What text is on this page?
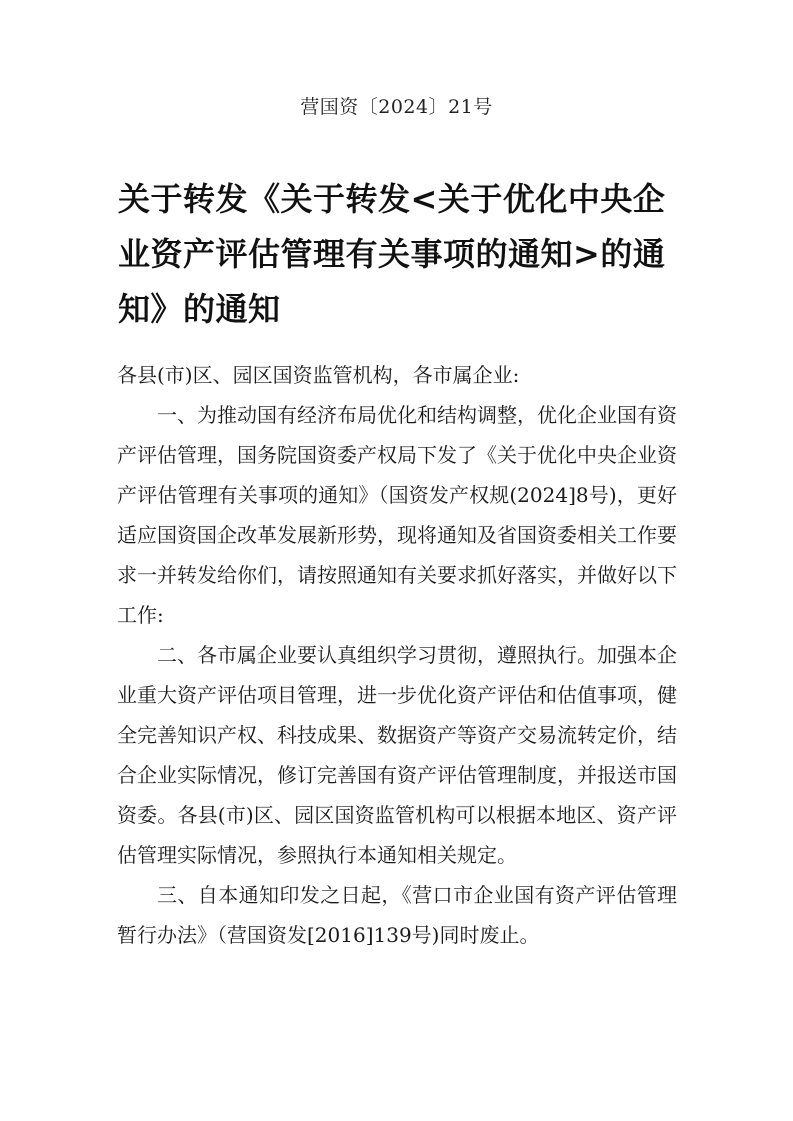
营国资〔2024〕21号
关于转发《关于转发<关于优化中央企业资产评估管理有关事项的通知>的通知》的通知

各县(市)区、园区国资监管机构，各市属企业:

一、为推动国有经济布局优化和结构调整，优化企业国有资产评估管理，国务院国资委产权局下发了《关于优化中央企业资产评估管理有关事项的通知》（国资发产权规(2024]8号)，更好适应国资国企改革发展新形势，现将通知及省国资委相关工作要求一并转发给你们，请按照通知有关要求抓好落实，并做好以下工作:

二、各市属企业要认真组织学习贯彻，遵照执行。加强本企业重大资产评估项目管理，进一步优化资产评估和估值事项，健全完善知识产权、科技成果、数据资产等资产交易流转定价，结合企业实际情况，修订完善国有资产评估管理制度，并报送市国资委。各县(市)区、园区国资监管机构可以根据本地区、资产评估管理实际情况，参照执行本通知相关规定。

三、自本通知印发之日起，《营口市企业国有资产评估管理暂行办法》（营国资发[2016]139号)同时废止。
